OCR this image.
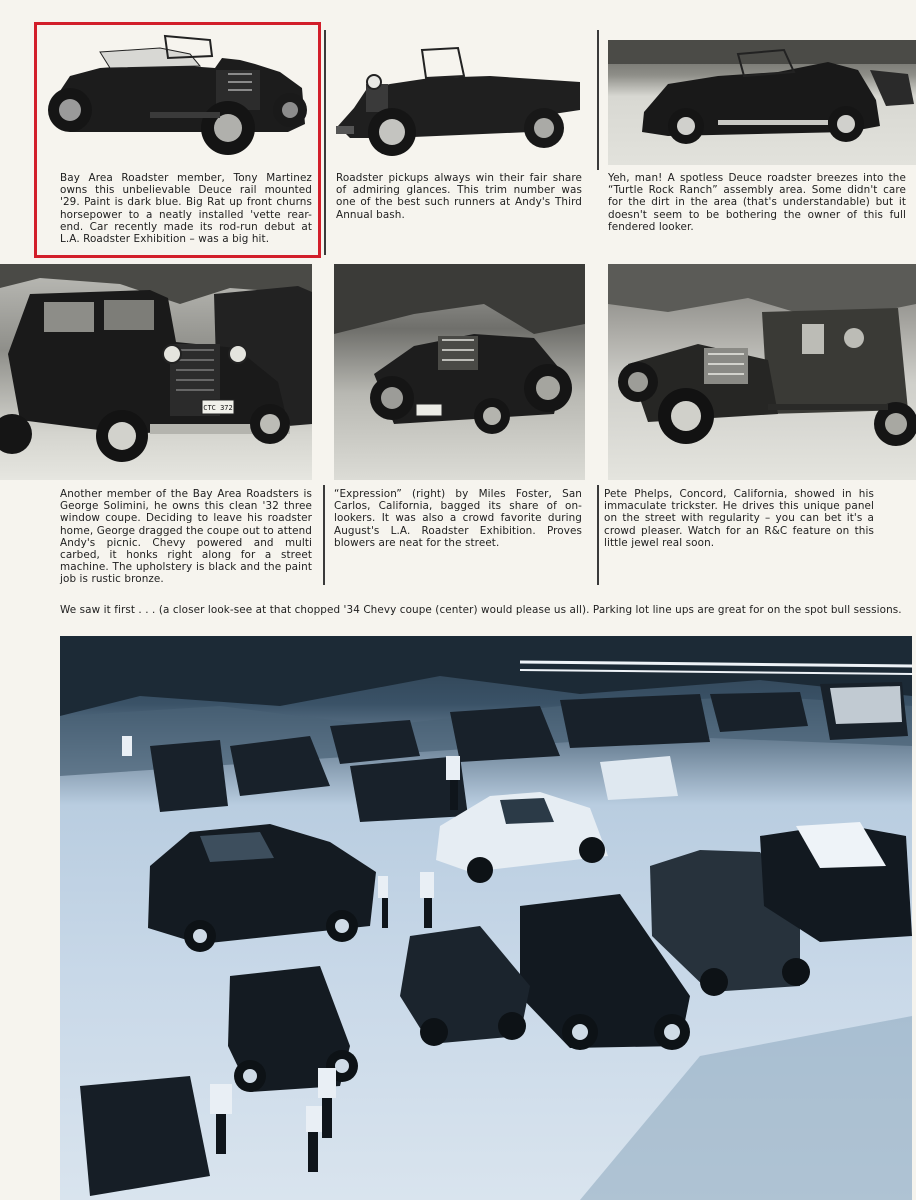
Bay Area Roadster member, Tony Martinez owns this unbelievable Deuce rail mounted '29. Paint is dark blue. Big Rat up front churns horsepower to a neatly installed 'vette rear-end. Car recently made its rod-run debut at L.A. Roadster Exhibition – was a big hit.

Roadster pickups always win their fair share of admiring glances. This trim number was one of the best such runners at Andy's Third Annual bash.

Yeh, man! A spotless Deuce roadster breezes into the “Turtle Rock Ranch” assembly area. Some didn't care for the dirt in the area (that's understandable) but it doesn't seem to be bothering the owner of this full fendered looker.

CTC 372

Another member of the Bay Area Roadsters is George Solimini, he owns this clean '32 three window coupe. Deciding to leave his roadster home, George dragged the coupe out to attend Andy's picnic. Chevy powered and multi carbed, it honks right along for a street machine. The upholstery is black and the paint job is rustic bronze.

“Expression” (right) by Miles Foster, San Carlos, California, bagged its share of on-lookers. It was also a crowd favorite during August's L.A. Roadster Exhibition. Proves blowers are neat for the street.

Pete Phelps, Concord, California, showed in his immaculate trickster. He drives this unique panel on the street with regularity – you can bet it's a crowd pleaser. Watch for an R&C feature on this little jewel real soon.

We saw it first . . . (a closer look-see at that chopped '34 Chevy coupe (center) would please us all). Parking lot line ups are great for on the spot bull sessions.
